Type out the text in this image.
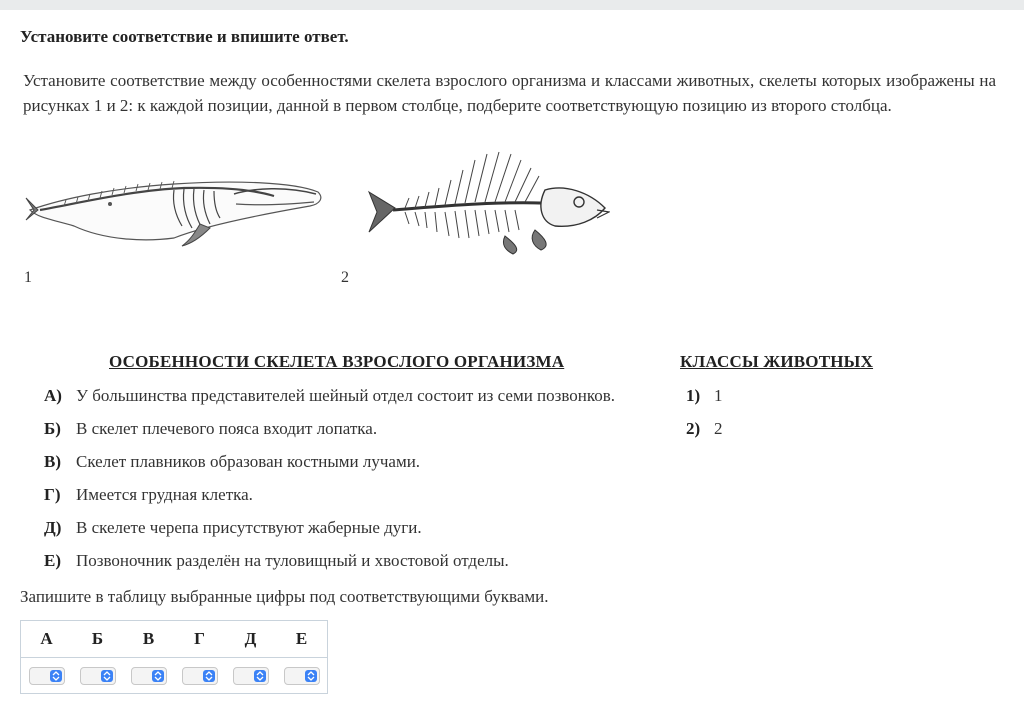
Установите соответствие и впишите ответ.
Установите соответствие между особенностями скелета взрослого организма и классами животных, скелеты которых изображены на рисунках 1 и 2: к каждой позиции, данной в первом столбце, подберите соответствующую позицию из второго столбца.
1	2
ОСОБЕННОСТИ СКЕЛЕТА ВЗРОСЛОГО ОРГАНИЗМА	КЛАССЫ ЖИВОТНЫХ
А) У большинства представителей шейный отдел состоит из семи позвонков.
Б) В скелет плечевого пояса входит лопатка.
В) Скелет плавников образован костными лучами.
Г) Имеется грудная клетка.
Д) В скелете черепа присутствуют жаберные дуги.
Е) Позвоночник разделён на туловищный и хвостовой отделы.
1) 1
2) 2
Запишите в таблицу выбранные цифры под соответствующими буквами.
А	Б	В	Г	Д	Е
